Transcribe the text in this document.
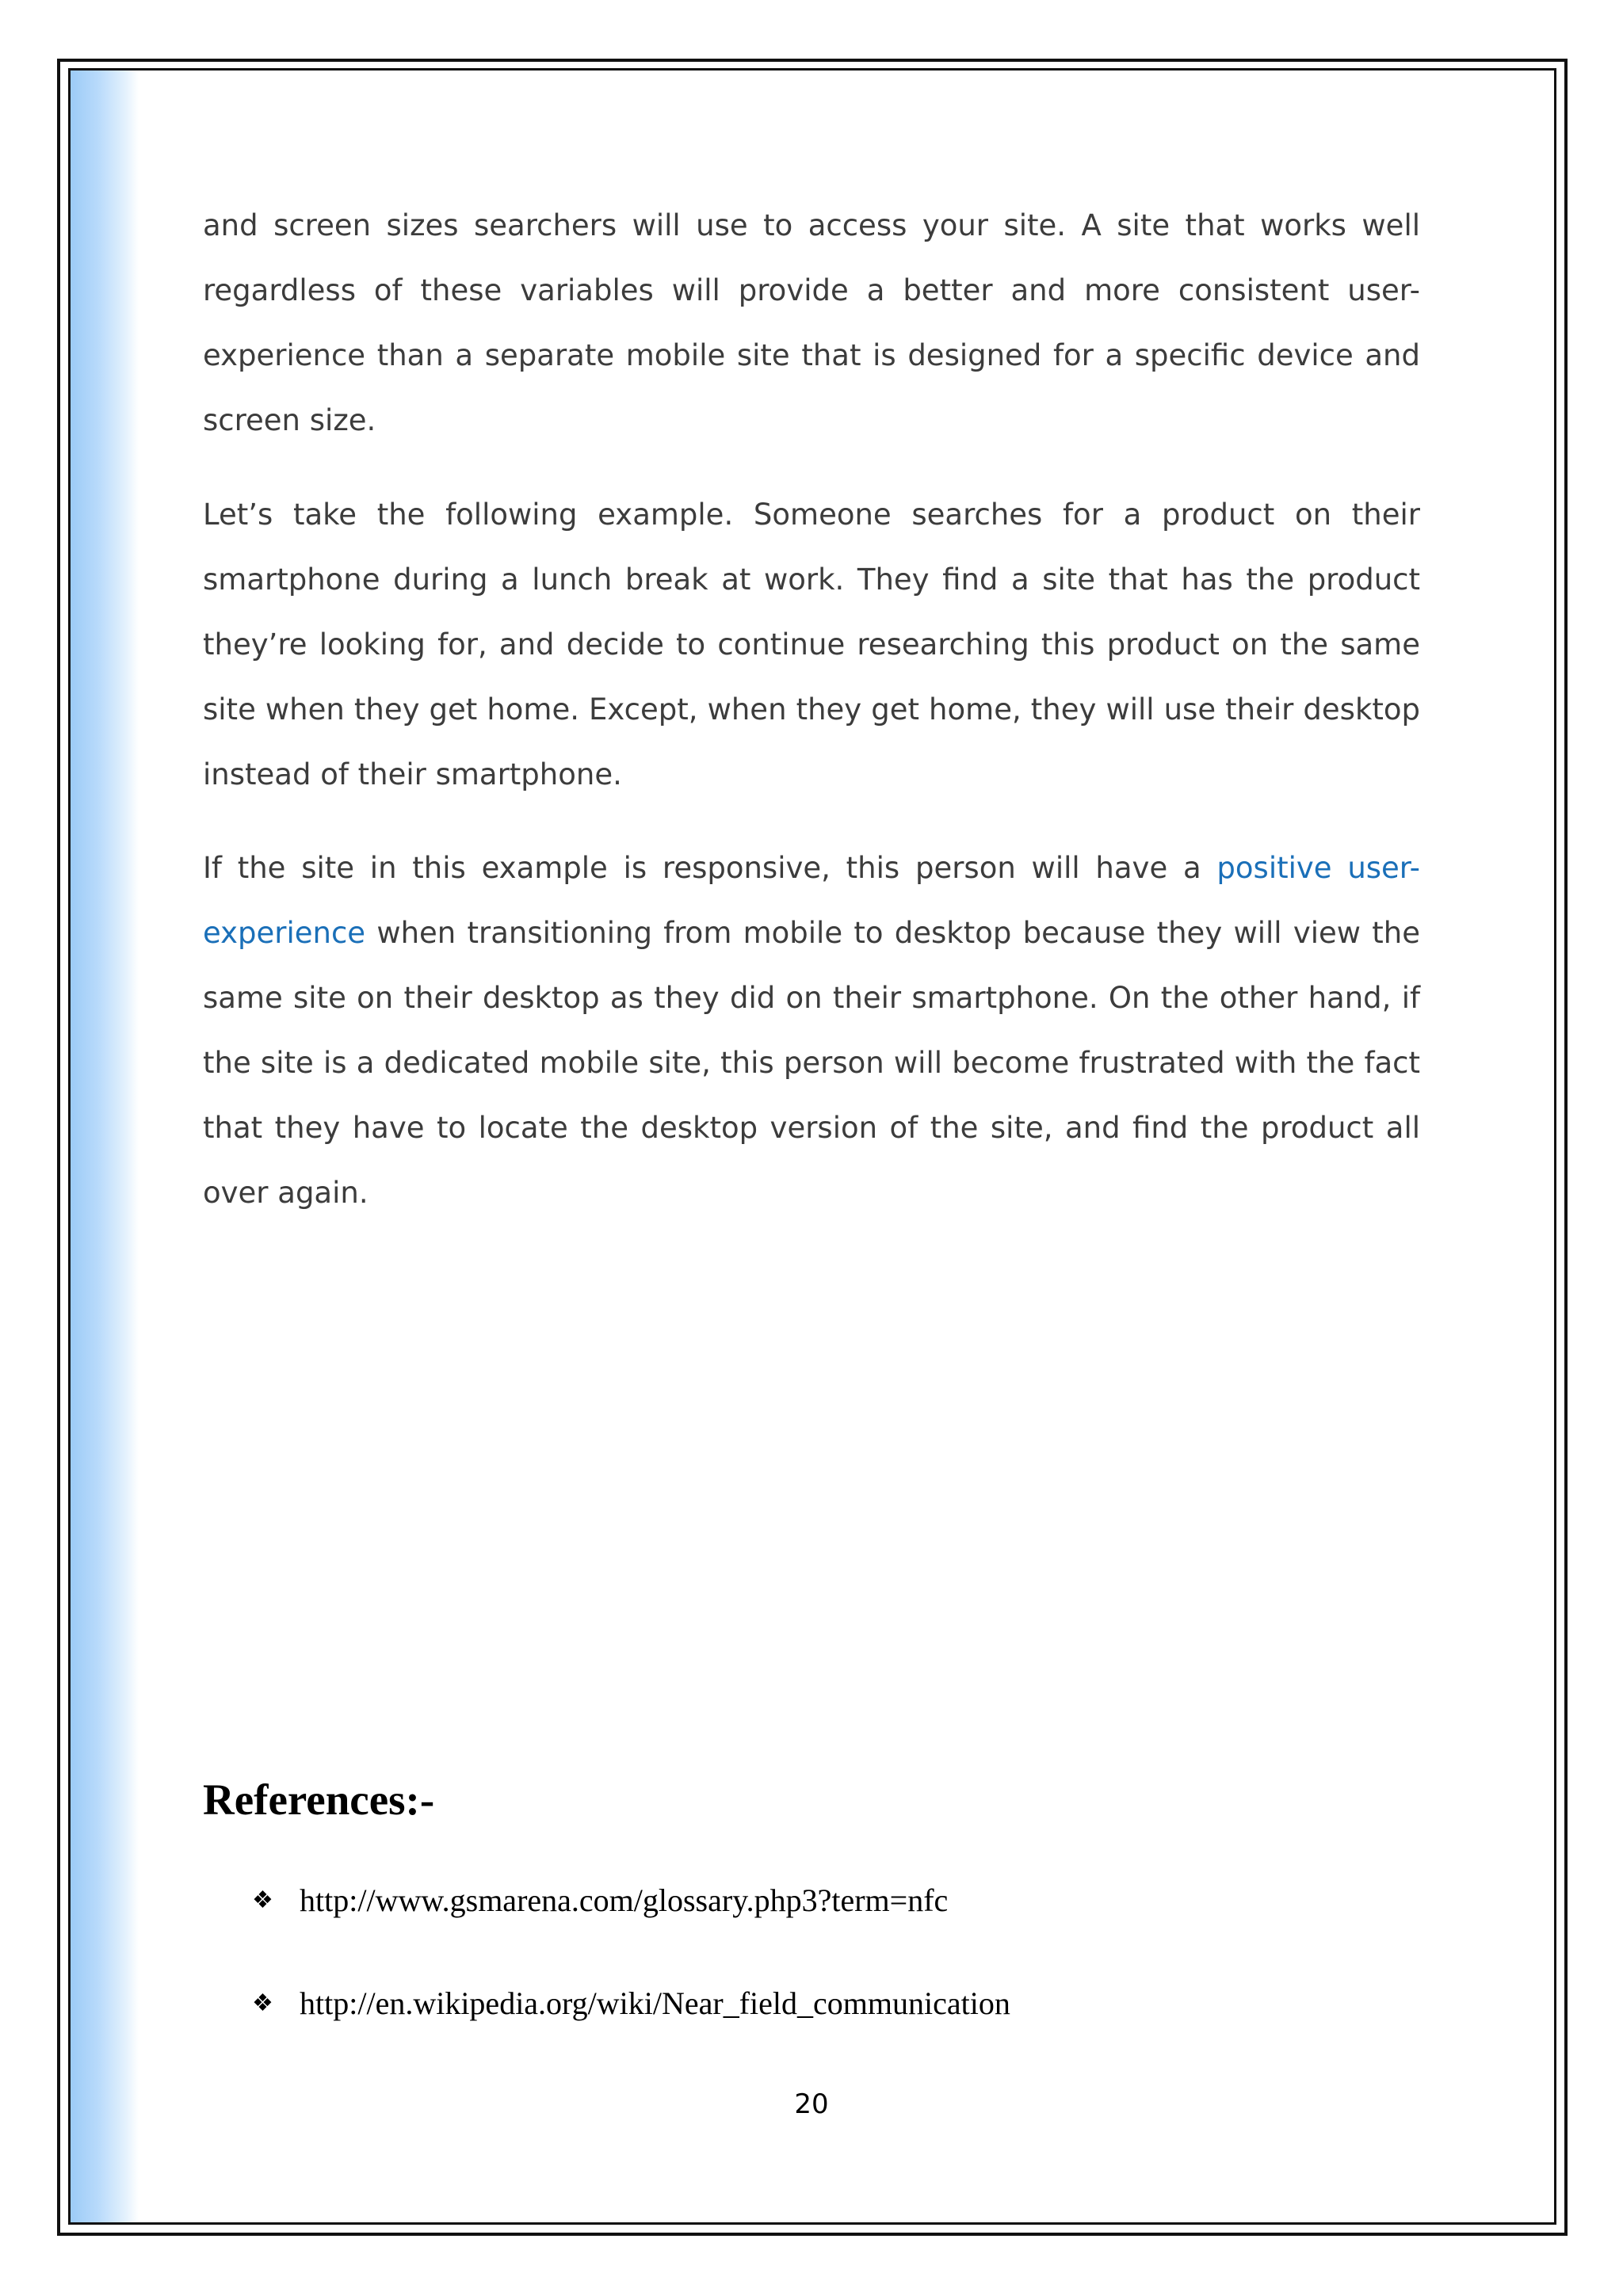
and screen sizes searchers will use to access your site. A site that works well regardless of these variables will provide a better and more consistent user-experience than a separate mobile site that is designed for a specific device and screen size.

Let’s take the following example. Someone searches for a product on their smartphone during a lunch break at work. They find a site that has the product they’re looking for, and decide to continue researching this product on the same site when they get home. Except, when they get home, they will use their desktop instead of their smartphone.

If the site in this example is responsive, this person will have a positive user-experience when transitioning from mobile to desktop because they will view the same site on their desktop as they did on their smartphone. On the other hand, if the site is a dedicated mobile site, this person will become frustrated with the fact that they have to locate the desktop version of the site, and find the product all over again.

References:-
❖ http://www.gsmarena.com/glossary.php3?term=nfc
❖ http://en.wikipedia.org/wiki/Near_field_communication
20
